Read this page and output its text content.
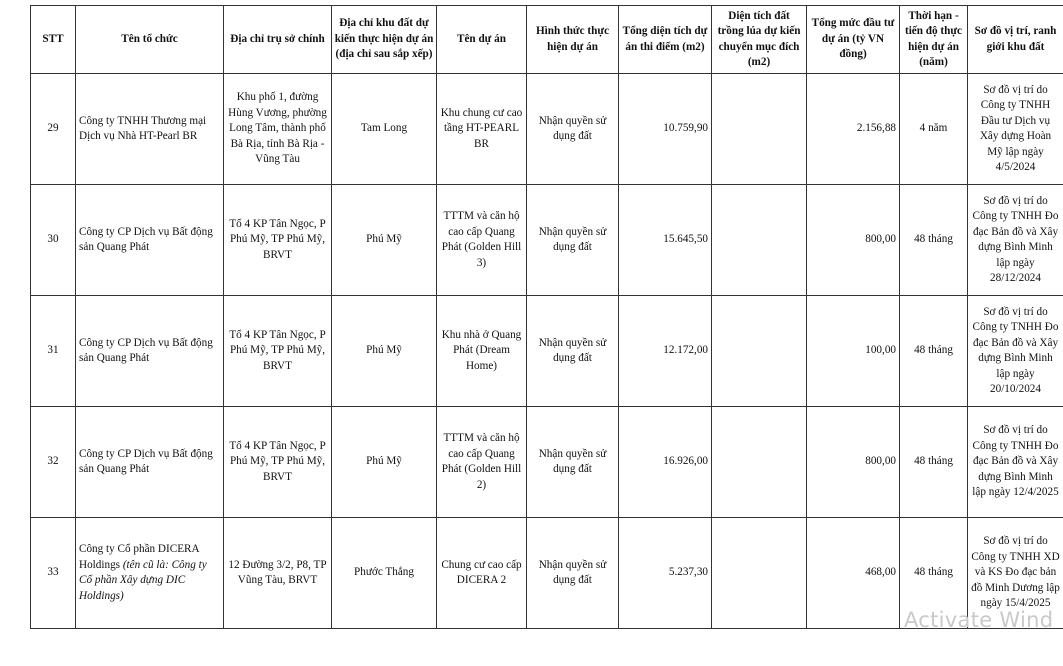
STT	Tên tổ chức	Địa chỉ trụ sở chính	Địa chỉ khu đất dự kiến thực hiện dự án (địa chỉ sau sắp xếp)	Tên dự án	Hình thức thực hiện dự án	Tổng diện tích dự án thi điểm (m2)	Diện tích đất trồng lúa dự kiến chuyển mục đích (m2)	Tổng mức đầu tư dự án (tỷ VN đồng)	Thời hạn - tiến độ thực hiện dự án (năm)	Sơ đồ vị trí, ranh giới khu đất
29	Công ty TNHH Thương mại Dịch vụ Nhà HT-Pearl BR	Khu phố 1, đường Hùng Vương, phường Long Tâm, thành phố Bà Rịa, tỉnh Bà Rịa - Vũng Tàu	Tam Long	Khu chung cư cao tầng HT-PEARL BR	Nhận quyền sử dụng đất	10.759,90		2.156,88	4 năm	Sơ đồ vị trí do Công ty TNHH Đầu tư Dịch vụ Xây dựng Hoàn Mỹ lập ngày 4/5/2024
30	Công ty CP Dịch vụ Bất động sản Quang Phát	Tổ 4 KP Tân Ngọc, P Phú Mỹ, TP Phú Mỹ, BRVT	Phú Mỹ	TTTM và căn hộ cao cấp Quang Phát (Golden Hill 3)	Nhận quyền sử dụng đất	15.645,50		800,00	48 tháng	Sơ đồ vị trí do Công ty TNHH Đo đạc Bản đồ và Xây dựng Bình Minh lập ngày 28/12/2024
31	Công ty CP Dịch vụ Bất động sản Quang Phát	Tổ 4 KP Tân Ngọc, P Phú Mỹ, TP Phú Mỹ, BRVT	Phú Mỹ	Khu nhà ở Quang Phát (Dream Home)	Nhận quyền sử dụng đất	12.172,00		100,00	48 tháng	Sơ đồ vị trí do Công ty TNHH Đo đạc Bản đồ và Xây dựng Bình Minh lập ngày 20/10/2024
32	Công ty CP Dịch vụ Bất động sản Quang Phát	Tổ 4 KP Tân Ngọc, P Phú Mỹ, TP Phú Mỹ, BRVT	Phú Mỹ	TTTM và căn hộ cao cấp Quang Phát (Golden Hill 2)	Nhận quyền sử dụng đất	16.926,00		800,00	48 tháng	Sơ đồ vị trí do Công ty TNHH Đo đạc Bản đồ và Xây dựng Bình Minh lập ngày 12/4/2025
33	Công ty Cổ phần DICERA Holdings (tên cũ là: Công ty Cổ phần Xây dựng DIC Holdings)	12 Đường 3/2, P8, TP Vũng Tàu, BRVT	Phước Thắng	Chung cư cao cấp DICERA 2	Nhận quyền sử dụng đất	5.237,30		468,00	48 tháng	Sơ đồ vị trí do Công ty TNHH XD và KS Đo đạc bản đồ Minh Dương lập ngày 15/4/2025
Activate Wind
